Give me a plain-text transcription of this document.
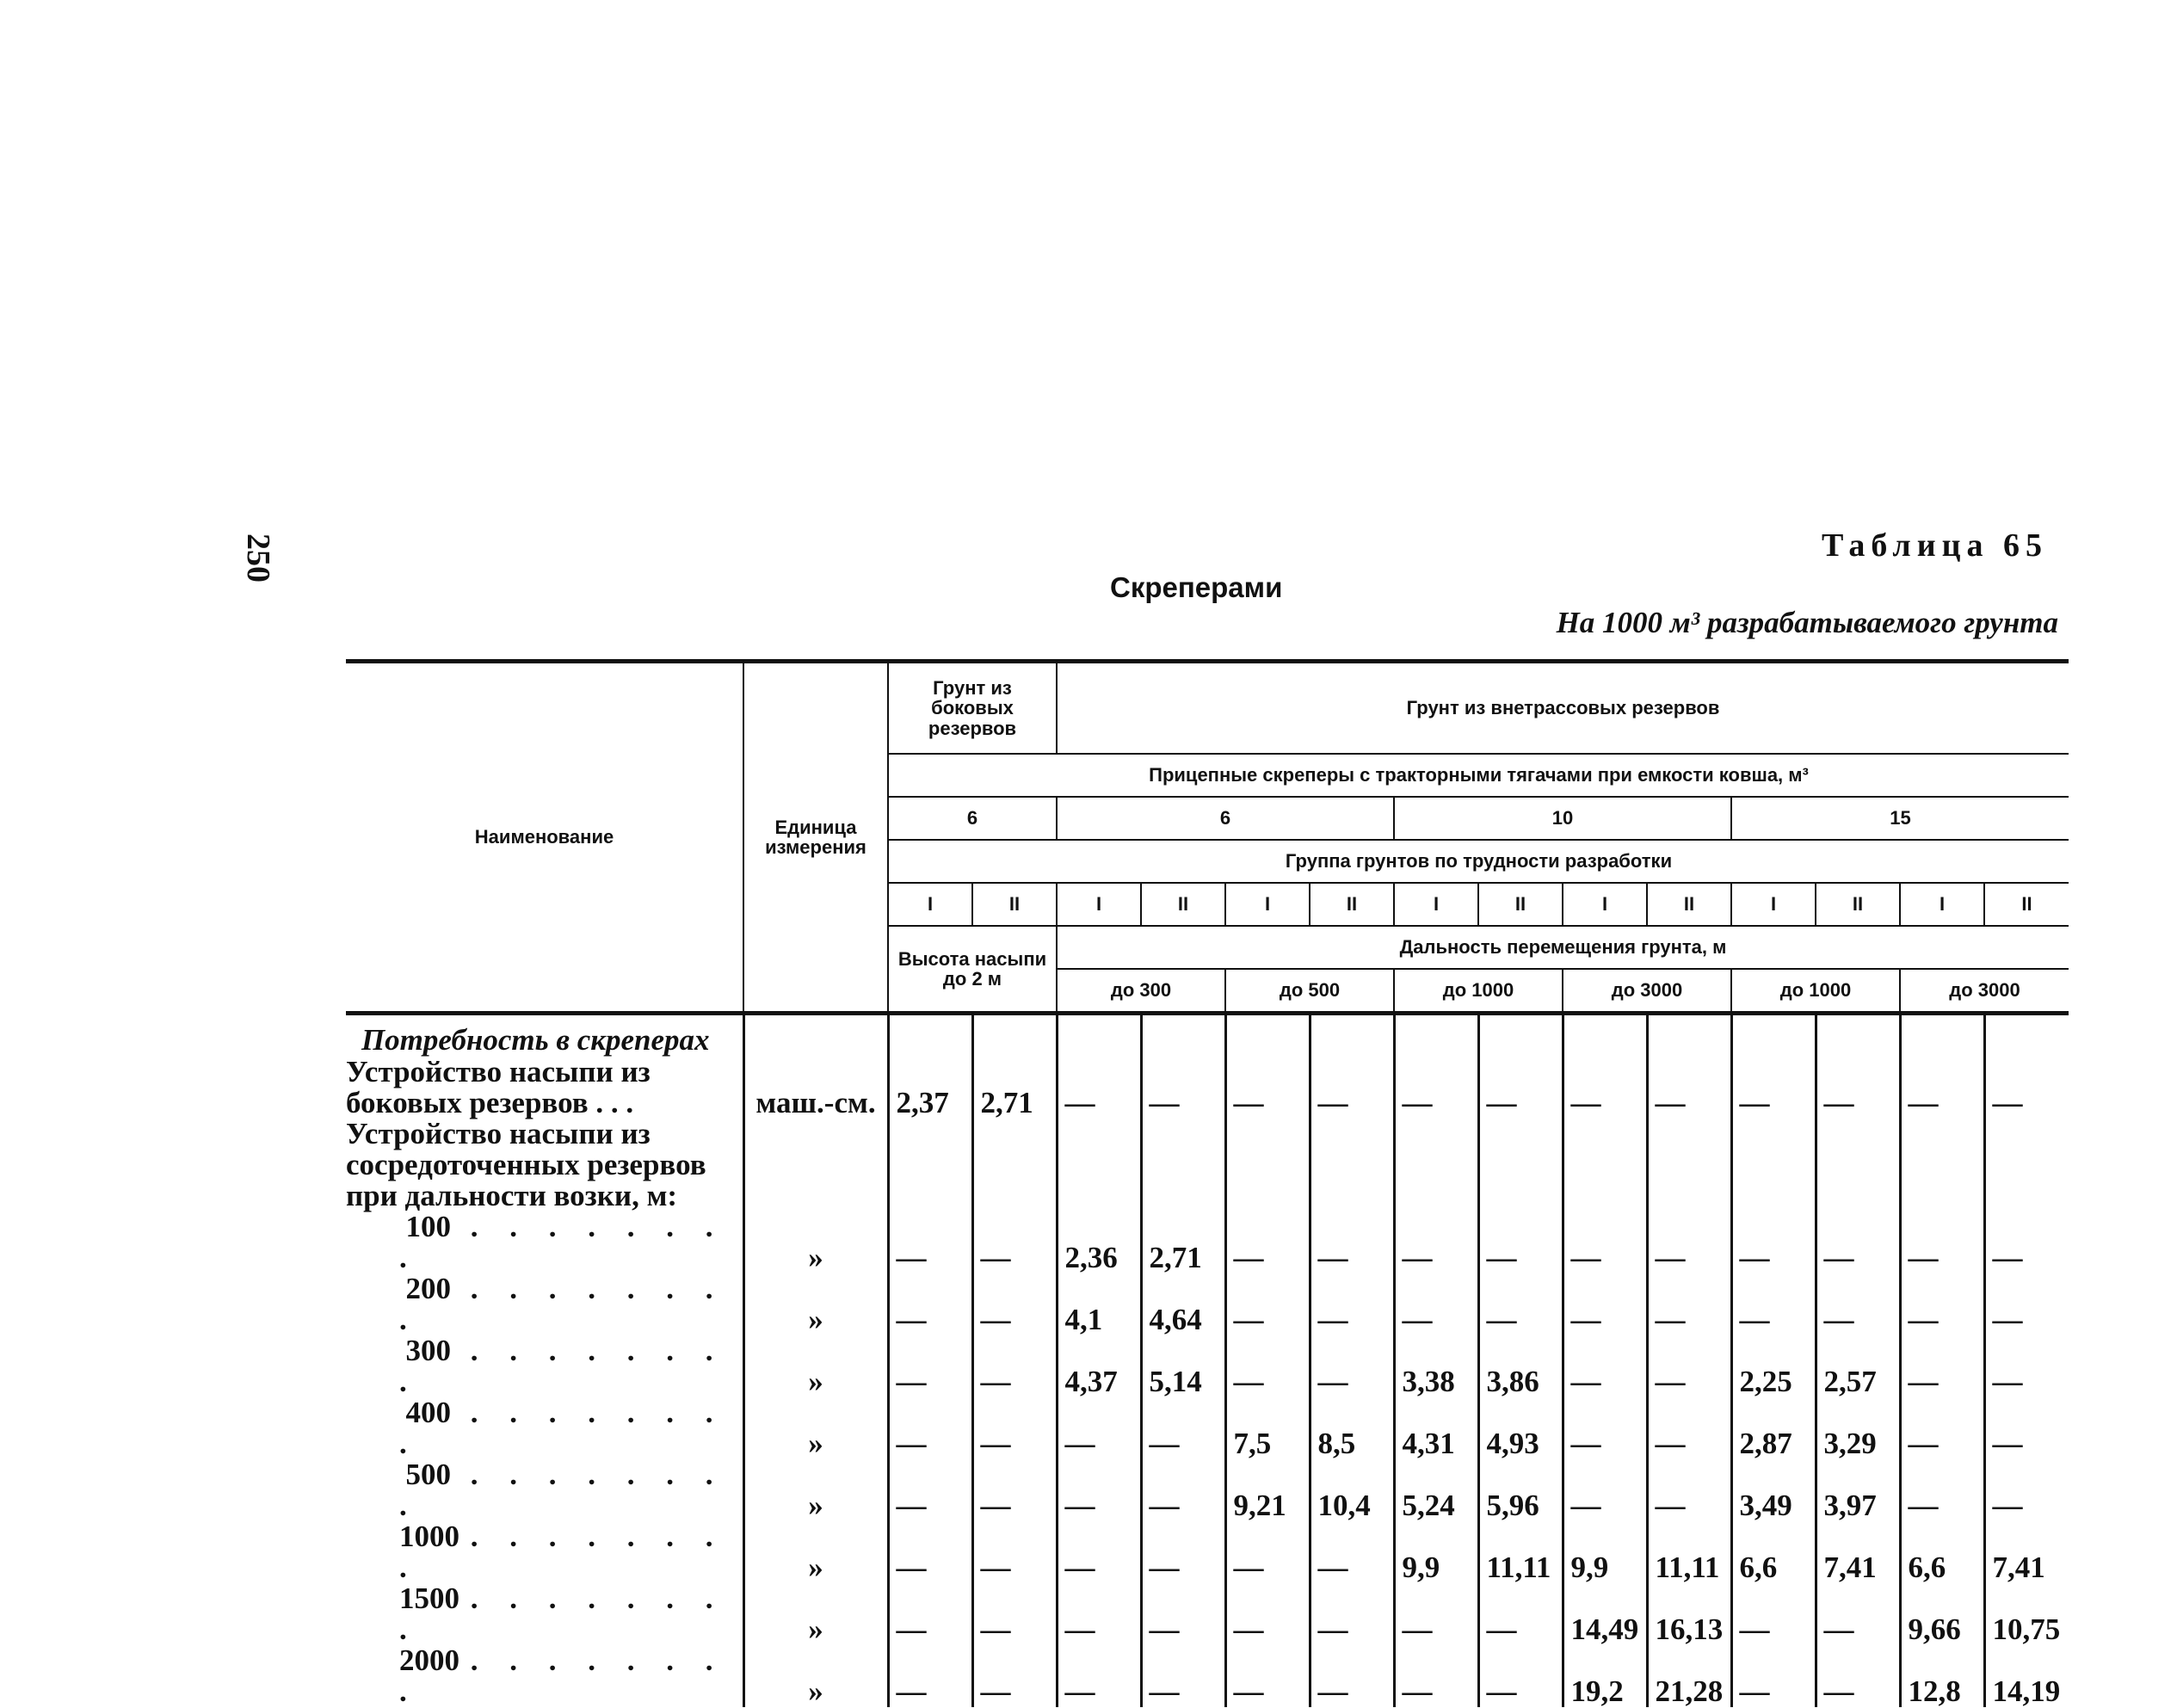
250	Таблица 65
Скреперами
На 1000 м³ разрабатываемого грунта
Наименование	Единица измерения	Грунт из боковых резервов		Грунт из внетрассовых резервов											
		Прицепные скреперы с тракторными тягачами при емкости ковша, м³													
		6		6				10				15			
		Группа грунтов по трудности разработки													
		I	II	I	II	I	II	I	II	I	II	I	II	I	II
		Высота насыпи до 2 м		Дальность перемещения грунта, м											
				до 300		до 500		до 1000		до 3000		до 1000		до 3000	
Потребность в скреперах															
Устройство насыпи из боковых резервов . . .	маш.-см.	2,37	2,71	—	—	—	—	—	—	—	—	—	—	—	—
Устройство насыпи из сосредоточенных резервов при дальности возки, м:															
100 . . . . . . . .	»	—	—	2,36	2,71	—	—	—	—	—	—	—	—	—	—
200 . . . . . . . .	»	—	—	4,1	4,64	—	—	—	—	—	—	—	—	—	—
300 . . . . . . . .	»	—	—	4,37	5,14	—	—	3,38	3,86	—	—	2,25	2,57	—	—
400 . . . . . . . .	»	—	—	—	—	7,5	8,5	4,31	4,93	—	—	2,87	3,29	—	—
500 . . . . . . . .	»	—	—	—	—	9,21	10,4	5,24	5,96	—	—	3,49	3,97	—	—
1000 . . . . . . . .	»	—	—	—	—	—	—	9,9	11,11	9,9	11,11	6,6	7,41	6,6	7,41
1500 . . . . . . . .	»	—	—	—	—	—	—	—	—	14,49	16,13	—	—	9,66	10,75
2000 . . . . . . . .	»	—	—	—	—	—	—	—	—	19,2	21,28	—	—	12,8	14,19
